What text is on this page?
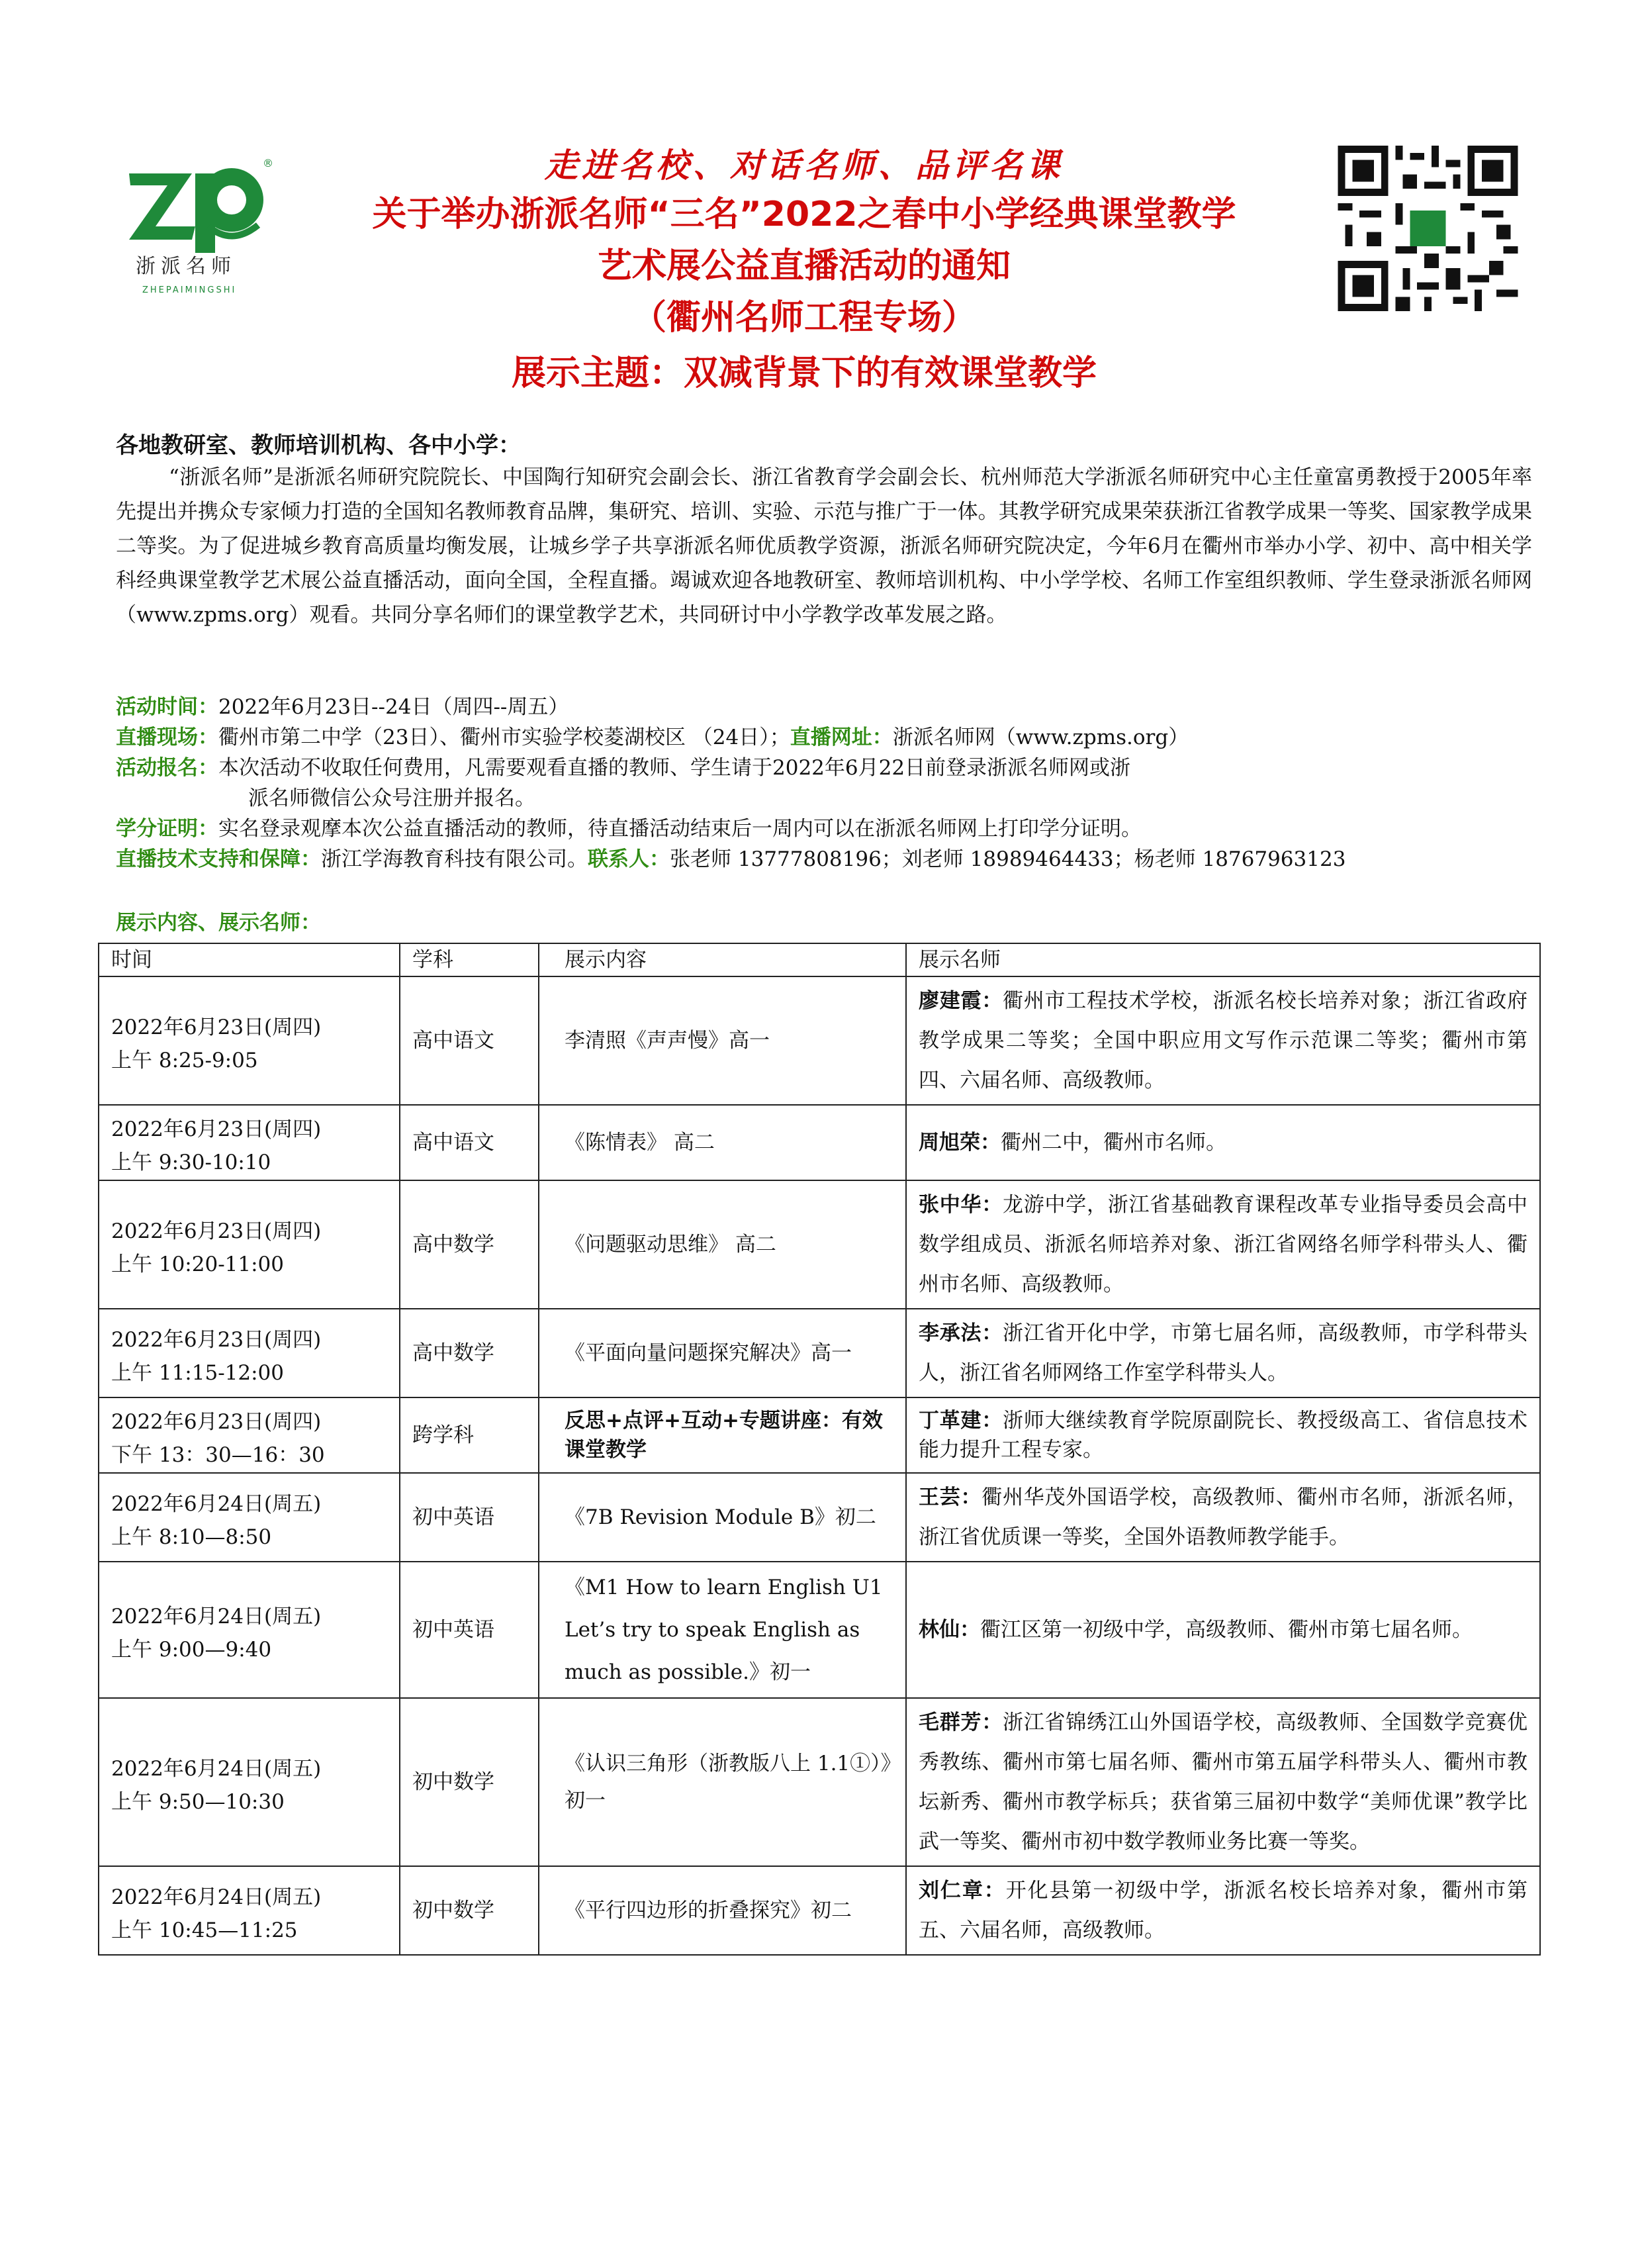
®
浙派名师
ZHEPAIMINGSHI
走进名校、对话名师、品评名课
关于举办浙派名师“三名”2022之春中小学经典课堂教学
艺术展公益直播活动的通知
（衢州名师工程专场）
展示主题：双减背景下的有效课堂教学
各地教研室、教师培训机构、各中小学：
“浙派名师”是浙派名师研究院院长、中国陶行知研究会副会长、浙江省教育学会副会长、杭州师范大学浙派名师研究中心主任童富勇教授于2005年率先提出并携众专家倾力打造的全国知名教师教育品牌，集研究、培训、实验、示范与推广于一体。其教学研究成果荣获浙江省教学成果一等奖、国家教学成果二等奖。为了促进城乡教育高质量均衡发展，让城乡学子共享浙派名师优质教学资源，浙派名师研究院决定，今年6月在衢州市举办小学、初中、高中相关学科经典课堂教学艺术展公益直播活动，面向全国，全程直播。竭诚欢迎各地教研室、教师培训机构、中小学学校、名师工作室组织教师、学生登录浙派名师网（www.zpms.org）观看。共同分享名师们的课堂教学艺术，共同研讨中小学教学改革发展之路。
活动时间：2022年6月23日--24日（周四--周五）
直播现场：衢州市第二中学（23日）、衢州市实验学校菱湖校区 （24日）；直播网址：浙派名师网（www.zpms.org）
活动报名：本次活动不收取任何费用，凡需要观看直播的教师、学生请于2022年6月22日前登录浙派名师网或浙
派名师微信公众号注册并报名。
学分证明：实名登录观摩本次公益直播活动的教师，待直播活动结束后一周内可以在浙派名师网上打印学分证明。
直播技术支持和保障：浙江学海教育科技有限公司。联系人：张老师 13777808196；刘老师 18989464433；杨老师 18767963123
展示内容、展示名师：
时间	学科	展示内容	展示名师

2022年6月23日(周四)
上午 8:25-9:05	高中语文	李清照《声声慢》高一	廖建霞：衢州市工程技术学校，浙派名校长培养对象；浙江省政府教学成果二等奖；全国中职应用文写作示范课二等奖；衢州市第四、六届名师、高级教师。

2022年6月23日(周四)
上午 9:30-10:10	高中语文	《陈情表》 高二	周旭荣：衢州二中，衢州市名师。

2022年6月23日(周四)
上午 10:20-11:00	高中数学	《问题驱动思维》 高二	张中华：龙游中学，浙江省基础教育课程改革专业指导委员会高中数学组成员、浙派名师培养对象、浙江省网络名师学科带头人、衢州市名师、高级教师。

2022年6月23日(周四)
上午 11:15-12:00	高中数学	《平面向量问题探究解决》高一	李承法：浙江省开化中学，市第七届名师，高级教师，市学科带头人，浙江省名师网络工作室学科带头人。

2022年6月23日(周四)
下午 13：30—16：30	跨学科	反思+点评+互动+专题讲座：有效课堂教学	丁革建：浙师大继续教育学院原副院长、教授级高工、省信息技术能力提升工程专家。

2022年6月24日(周五)
上午 8:10—8:50	初中英语	《7B Revision Module B》初二	王芸：衢州华茂外国语学校，高级教师、衢州市名师，浙派名师，浙江省优质课一等奖，全国外语教师教学能手。

2022年6月24日(周五)
上午 9:00—9:40	初中英语	《M1 How to learn English U1 Let’s try to speak English as much as possible.》初一	林仙：衢江区第一初级中学，高级教师、衢州市第七届名师。

2022年6月24日(周五)
上午 9:50—10:30	初中数学	《认识三角形（浙教版八上 1.1①）》初一	毛群芳：浙江省锦绣江山外国语学校，高级教师、全国数学竞赛优秀教练、衢州市第七届名师、衢州市第五届学科带头人、衢州市教坛新秀、衢州市教学标兵；获省第三届初中数学“美师优课”教学比武一等奖、衢州市初中数学教师业务比赛一等奖。

2022年6月24日(周五)
上午 10:45—11:25	初中数学	《平行四边形的折叠探究》初二	刘仁章：开化县第一初级中学，浙派名校长培养对象，衢州市第五、六届名师，高级教师。
